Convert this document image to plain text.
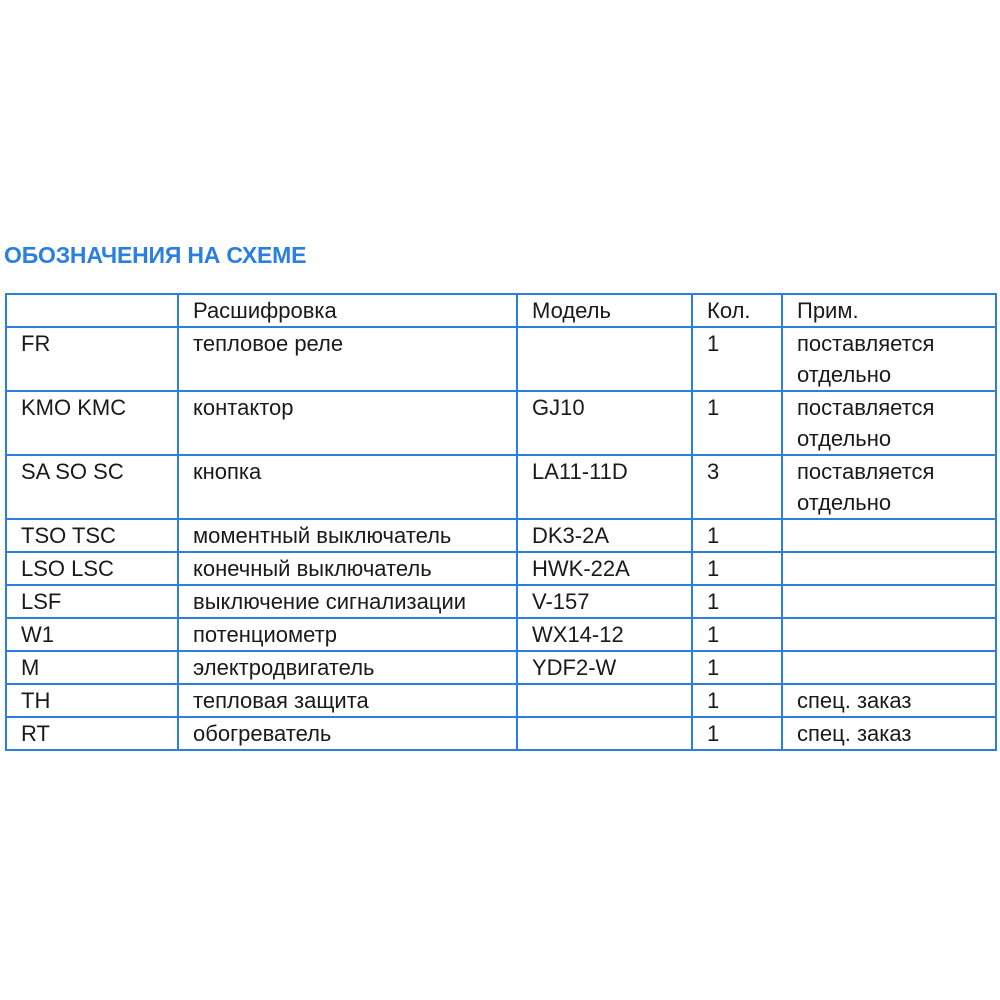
ОБОЗНАЧЕНИЯ НА СХЕМЕ
	Расшифровка	Модель	Кол.	Прим.
FR	тепловое реле		1	поставляется отдельно
KMO KMC	контактор	GJ10	1	поставляется отдельно
SA SO SC	кнопка	LA11-11D	3	поставляется отдельно
TSO TSC	моментный выключатель	DK3-2A	1	
LSO LSC	конечный выключатель	HWK-22A	1	
LSF	выключение сигнализации	V-157	1	
W1	потенциометр	WX14-12	1	
M	электродвигатель	YDF2-W	1	
TH	тепловая защита		1	спец. заказ
RT	обогреватель		1	спец. заказ
